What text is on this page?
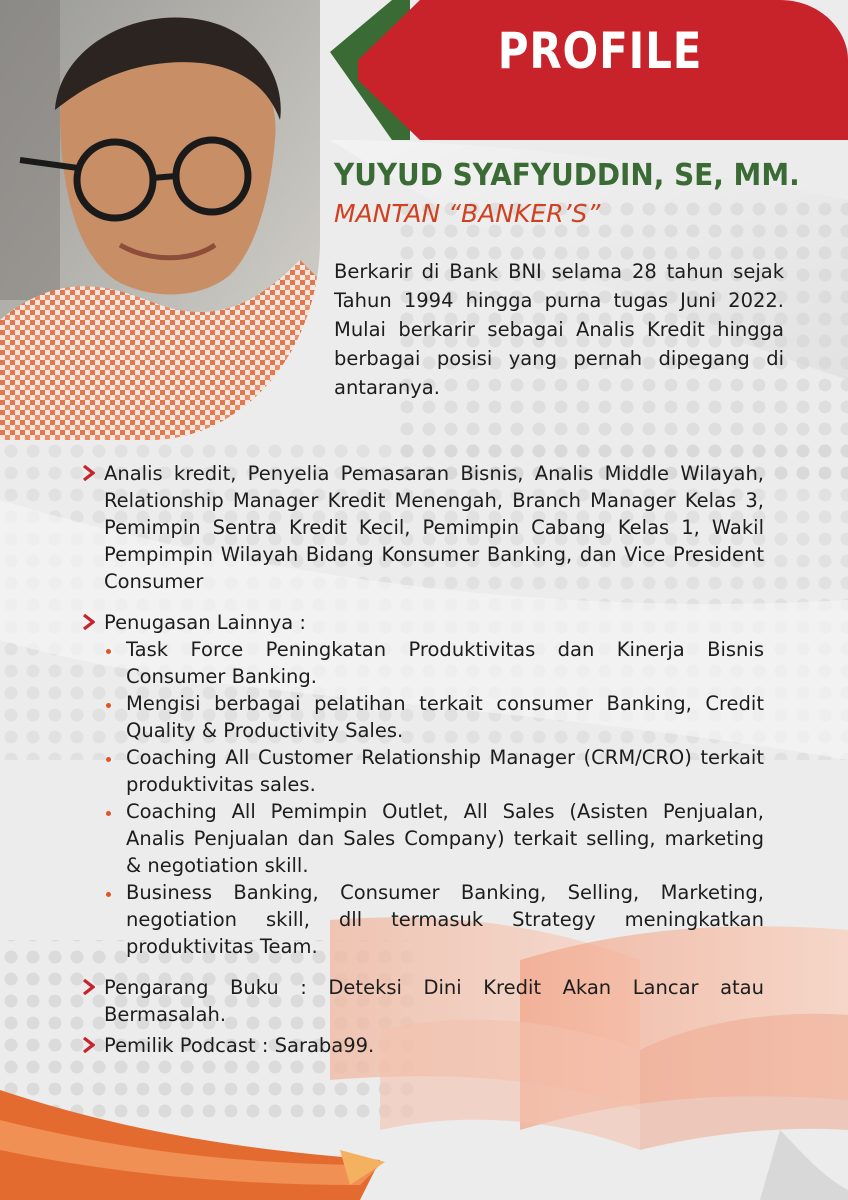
PROFILE
YUYUD SYAFYUDDIN, SE, MM.
MANTAN “BANKER’S”

Berkarir di Bank BNI selama 28 tahun sejak Tahun 1994 hingga purna tugas Juni 2022. Mulai berkarir sebagai Analis Kredit hingga berbagai posisi yang pernah dipegang di antaranya.

Analis kredit, Penyelia Pemasaran Bisnis, Analis Middle Wilayah, Relationship Manager Kredit Menengah, Branch Manager Kelas 3, Pemimpin Sentra Kredit Kecil, Pemimpin Cabang Kelas 1, Wakil Pempimpin Wilayah Bidang Konsumer Banking, dan Vice President Consumer
Penugasan Lainnya :
Task Force Peningkatan Produktivitas dan Kinerja Bisnis Consumer Banking.
Mengisi berbagai pelatihan terkait consumer Banking, Credit Quality & Productivity Sales.
Coaching All Customer Relationship Manager (CRM/CRO) terkait produktivitas sales.
Coaching All Pemimpin Outlet, All Sales (Asisten Penjualan, Analis Penjualan dan Sales Company) terkait selling, marketing & negotiation skill.
Business Banking, Consumer Banking, Selling, Marketing, negotiation skill, dll termasuk Strategy meningkatkan produktivitas Team.
Pengarang Buku : Deteksi Dini Kredit Akan Lancar atau Bermasalah.
Pemilik Podcast : Saraba99.
